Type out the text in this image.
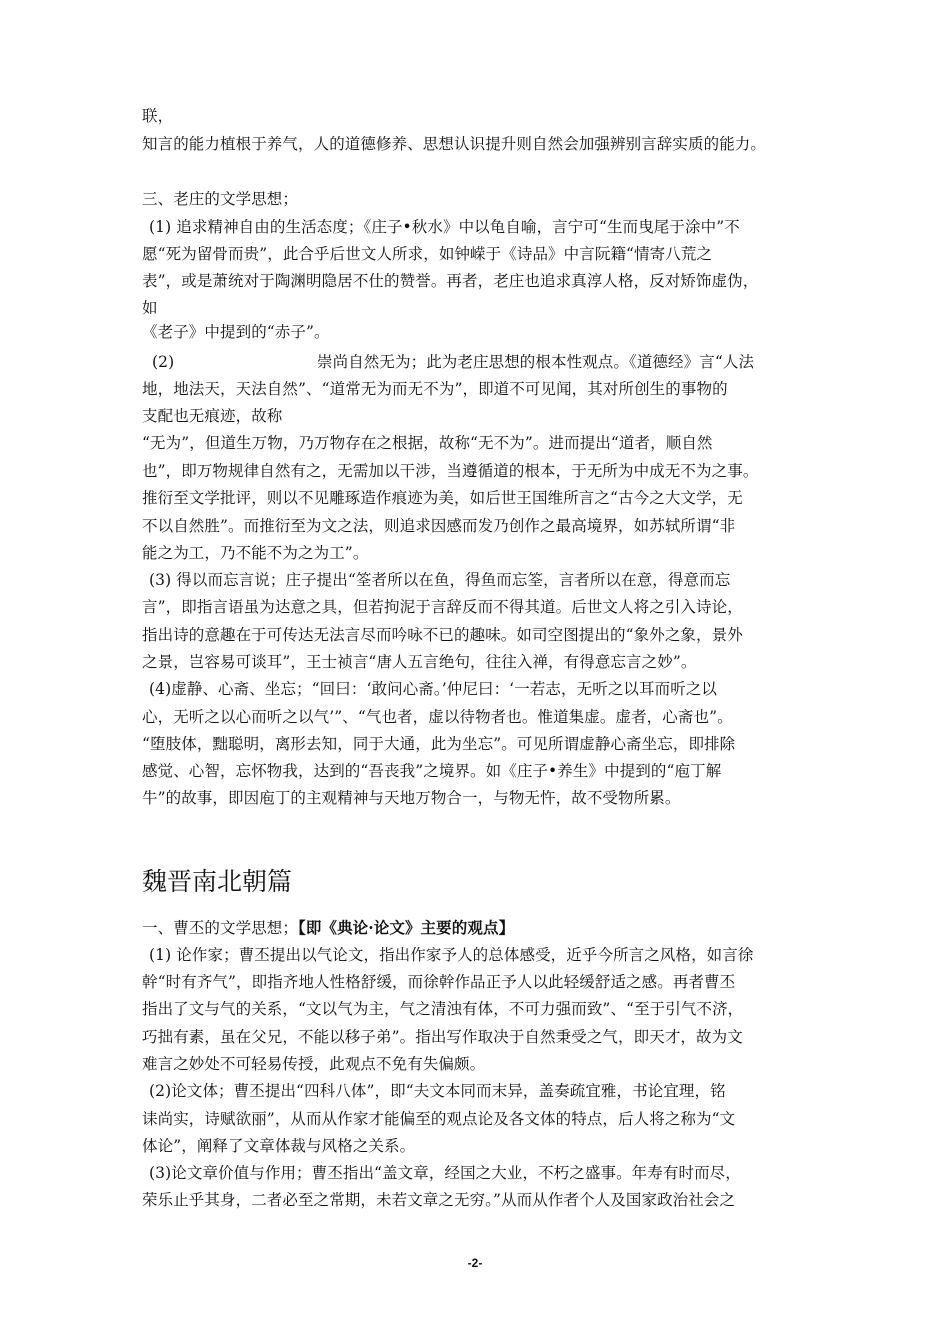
联，
知言的能力植根于养气，人的道德修养、思想认识提升则自然会加强辨别言辞实质的能力。
三、老庄的文学思想；
(1) 追求精神自由的生活态度；《庄子•秋水》中以龟自喻，言宁可“生而曳尾于涂中”不
愿“死为留骨而贵”，此合乎后世文人所求，如钟嵘于《诗品》中言阮籍“情寄八荒之
表”，或是萧统对于陶渊明隐居不仕的赞誉。再者，老庄也追求真淳人格，反对矫饰虚伪，
如
《老子》中提到的“赤子”。
(2)	崇尚自然无为；此为老庄思想的根本性观点。《道德经》言“人法
地，地法天，天法自然”、“道常无为而无不为”，即道不可见闻，其对所创生的事物的
支配也无痕迹，故称
“无为”，但道生万物，乃万物存在之根据，故称“无不为”。进而提出“道者，顺自然
也”，即万物规律自然有之，无需加以干涉，当遵循道的根本，于无所为中成无不为之事。
推衍至文学批评，则以不见雕琢造作痕迹为美，如后世王国维所言之“古今之大文学，无
不以自然胜”。而推衍至为文之法，则追求因感而发乃创作之最高境界，如苏轼所谓“非
能之为工，乃不能不为之为工”。
(3) 得以而忘言说；庄子提出“筌者所以在鱼，得鱼而忘筌，言者所以在意，得意而忘
言”，即指言语虽为达意之具，但若拘泥于言辞反而不得其道。后世文人将之引入诗论，
指出诗的意趣在于可传达无法言尽而吟咏不已的趣味。如司空图提出的“象外之象，景外
之景，岂容易可谈耳”，王士祯言“唐人五言绝句，往往入禅，有得意忘言之妙”。
(4)虚静、心斋、坐忘；“回曰：‘敢问心斋。’仲尼曰：‘一若志，无听之以耳而听之以
心，无听之以心而听之以气’”、“气也者，虚以待物者也。惟道集虚。虚者，心斋也”。
“堕肢体，黜聪明，离形去知，同于大通，此为坐忘”。可见所谓虚静心斋坐忘，即排除
感觉、心智，忘怀物我，达到的“吾丧我”之境界。如《庄子•养生》中提到的“庖丁解
牛”的故事，即因庖丁的主观精神与天地万物合一，与物无忤，故不受物所累。
魏晋南北朝篇
一、曹丕的文学思想；【即《典论·论文》主要的观点】
(1) 论作家；曹丕提出以气论文，指出作家予人的总体感受，近乎今所言之风格，如言徐
幹“时有齐气”，即指齐地人性格舒缓，而徐幹作品正予人以此轻缓舒适之感。再者曹丕
指出了文与气的关系，“文以气为主，气之清浊有体，不可力强而致”、“至于引气不济，
巧拙有素，虽在父兄，不能以移子弟”。指出写作取决于自然秉受之气，即天才，故为文
难言之妙处不可轻易传授，此观点不免有失偏颇。
(2)论文体；曹丕提出“四科八体”，即“夫文本同而末异，盖奏疏宜雅，书论宜理，铭
诔尚实，诗赋欲丽”，从而从作家才能偏至的观点论及各文体的特点，后人将之称为“文
体论”，阐释了文章体裁与风格之关系。
(3)论文章价值与作用；曹丕指出“盖文章，经国之大业，不朽之盛事。年寿有时而尽，
荣乐止乎其身，二者必至之常期，未若文章之无穷。”从而从作者个人及国家政治社会之
-2-
